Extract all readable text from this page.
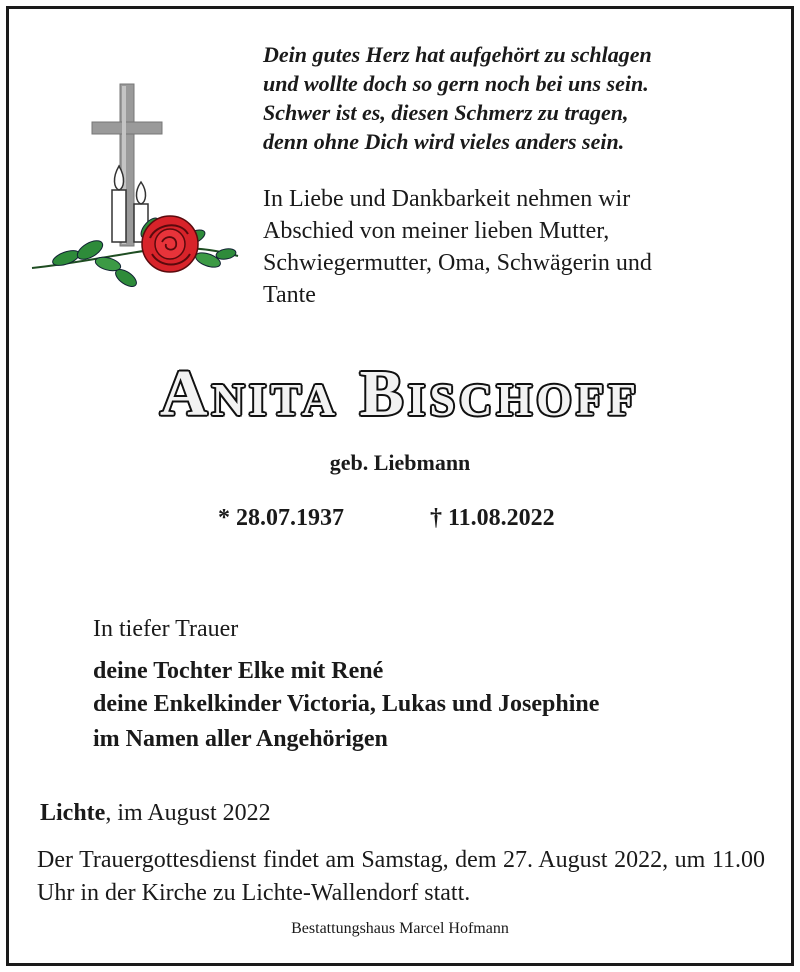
Dein gutes Herz hat aufgehört zu schlagen
und wollte doch so gern noch bei uns sein.
Schwer ist es, diesen Schmerz zu tragen,
denn ohne Dich wird vieles anders sein.
In Liebe und Dankbarkeit nehmen wir
Abschied von meiner lieben Mutter,
Schwiegermutter, Oma, Schwägerin und
Tante
Anita Bischoff
geb. Liebmann
* 28.07.1937	† 11.08.2022
In tiefer Trauer
deine Tochter Elke mit René
deine Enkelkinder Victoria, Lukas und Josephine
im Namen aller Angehörigen
Lichte, im August 2022
Der Trauergottesdienst findet am Samstag, dem 27. August 2022, um 11.00 Uhr in der Kirche zu Lichte-Wallendorf statt.
Bestattungshaus Marcel Hofmann
